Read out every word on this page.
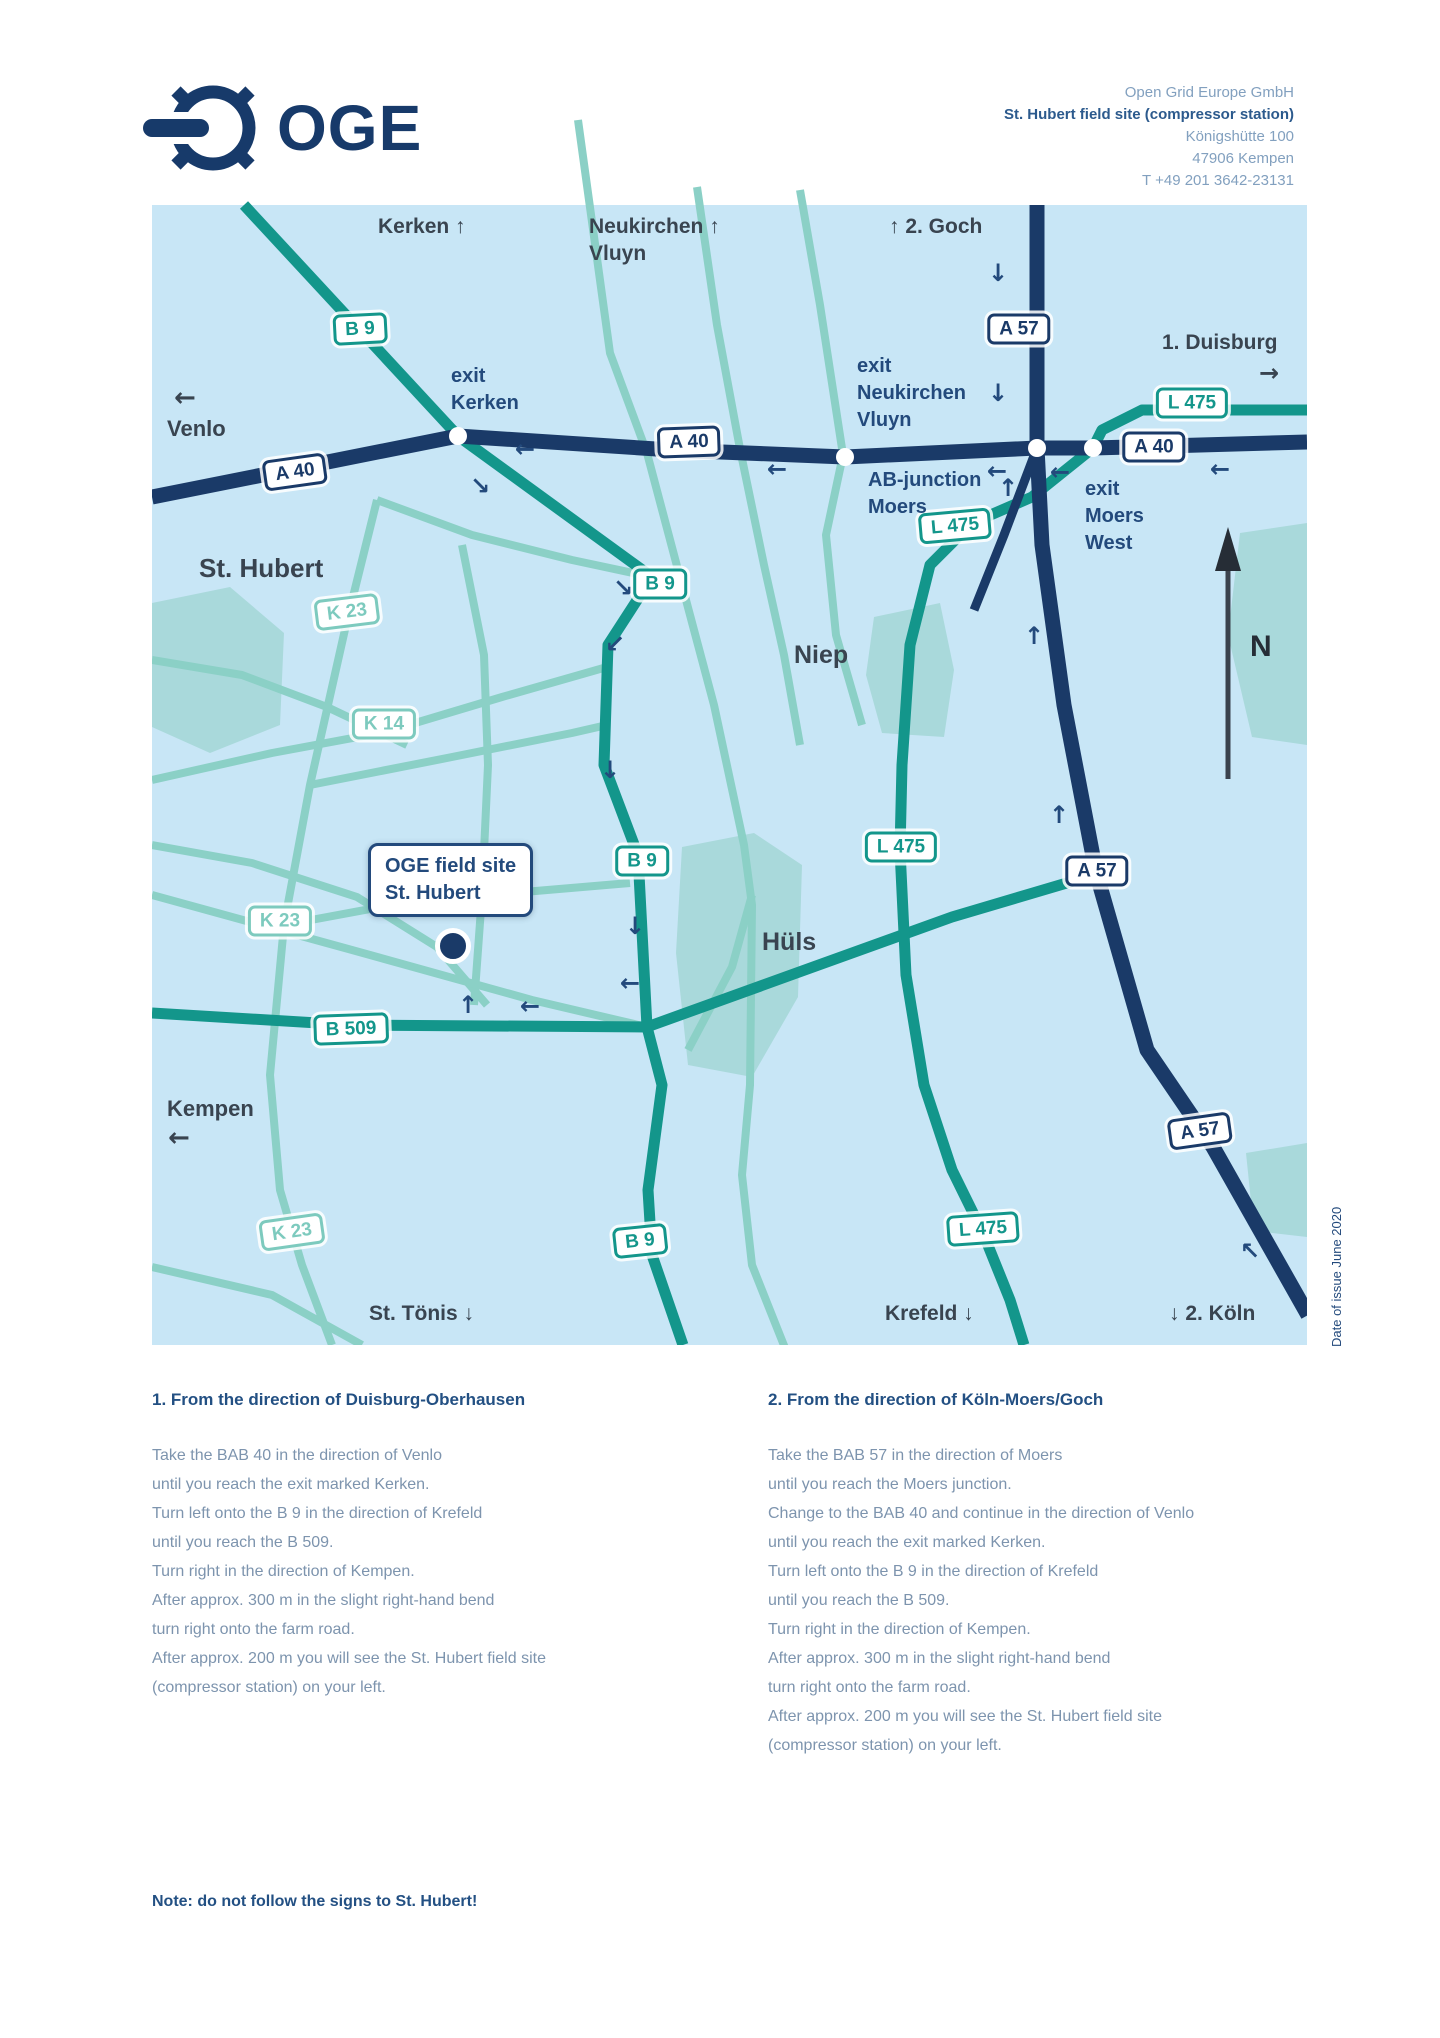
OGE	Open Grid Europe GmbH
St. Hubert field site (compressor station)
Königshütte 100
47906 Kempen
T +49 201 3642-23131
B 9
A 40
A 40
A 57
L 475
A 40
L 475
K 23
B 9
K 14
B 9
L 475
A 57
K 23
B 509
A 57
K 23	B 9	L 475
Kerken ↑	Neukirchen ↑
Vluyn
↑ 2. Goch
Venlo
1. Duisburg
St. Hubert
Niep
Hüls
Kempen
St. Tönis ↓	Krefeld ↓	↓ 2. Köln
exit
Kerken
exit
Neukirchen
Vluyn
AB-junction
Moers
exit
Moers
West
←
←
→
←
←	← ←	←
↓
↓
↑
↘
↘
↙
↓
↑
↑
↓
←
↑ ←
↖
OGE field site
St. Hubert
N
Date of issue June 2020
1. From the direction of Duisburg-Oberhausen
Take the BAB 40 in the direction of Venlo
until you reach the exit marked Kerken.
Turn left onto the B 9 in the direction of Krefeld
until you reach the B 509.
Turn right in the direction of Kempen.
After approx. 300 m in the slight right-hand bend
turn right onto the farm road.
After approx. 200 m you will see the St. Hubert field site
(compressor station) on your left.
2. From the direction of Köln-Moers/Goch
Take the BAB 57 in the direction of Moers
until you reach the Moers junction.
Change to the BAB 40 and continue in the direction of Venlo
until you reach the exit marked Kerken.
Turn left onto the B 9 in the direction of Krefeld
until you reach the B 509.
Turn right in the direction of Kempen.
After approx. 300 m in the slight right-hand bend
turn right onto the farm road.
After approx. 200 m you will see the St. Hubert field site
(compressor station) on your left.
Note: do not follow the signs to St. Hubert!
